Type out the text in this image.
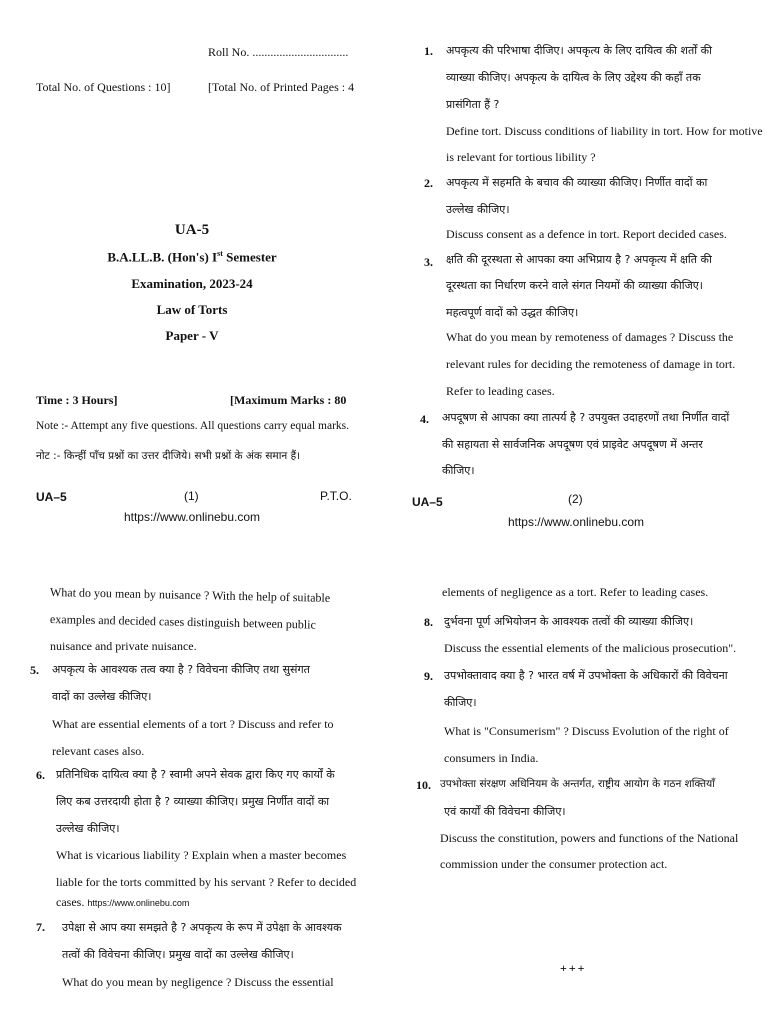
Roll No. ................................
Total No. of Questions : 10]	[Total No. of Printed Pages : 4
UA-5
B.A.LL.B. (Hon's) Ist Semester
Examination, 2023-24
Law of Torts
Paper - V
Time : 3 Hours]	[Maximum Marks : 80
Note :- Attempt any five questions. All questions carry equal marks.
नोट :- किन्हीं पाँच प्रश्नों का उत्तर दीजिये। सभी प्रश्नों के अंक समान हैं।
UA–5	(1)	P.T.O.
https://www.onlinebu.com
1. अपकृत्य की परिभाषा दीजिए। अपकृत्य के लिए दायित्व की शर्तों की
व्याख्या कीजिए। अपकृत्य के दायित्व के लिए उद्देश्य की कहाँ तक
प्रासंगिता हैं ?
Define tort. Discuss conditions of liability in tort. How for motive
is relevant for tortious libility ?
2. अपकृत्य में सहमति के बचाव की व्याख्या कीजिए। निर्णीत वादों का
उल्लेख कीजिए।
Discuss consent as a defence in tort. Report decided cases.
3. क्षति की दूरस्थता से आपका क्या अभिप्राय है ? अपकृत्य में क्षति की
दूरस्थता का निर्धारण करने वाले संगत नियमों की व्याख्या कीजिए।
महत्वपूर्ण वादों को उद्धत कीजिए।
What do you mean by remoteness of damages ? Discuss the
relevant rules for deciding the remoteness of damage in tort.
Refer to leading cases.
4. अपदूषण से आपका क्या तात्पर्य है ? उपयुक्त उदाहरणों तथा निर्णीत वादों
की सहायता से सार्वजनिक अपदूषण एवं प्राइवेट अपदूषण में अन्तर
कीजिए।
UA–5	(2)
https://www.onlinebu.com
What do you mean by nuisance ? With the help of suitable
examples and decided cases distinguish between public
nuisance and private nuisance.
5. अपकृत्य के आवश्यक तत्व क्या है ? विवेचना कीजिए तथा सुसंगत
वादों का उल्लेख कीजिए।
What are essential elements of a tort ? Discuss and refer to
relevant cases also.
6. प्रतिनिधिक दायित्व क्या है ? स्वामी अपने सेवक द्वारा किए गए कार्यों के
लिए कब उत्तरदायी होता है ? व्याख्या कीजिए। प्रमुख निर्णीत वादों का
उल्लेख कीजिए।
What is vicarious liability ? Explain when a master becomes
liable for the torts committed by his servant ? Refer to decided
cases. https://www.onlinebu.com
7. उपेक्षा से आप क्या समझते है ? अपकृत्य के रूप में उपेक्षा के आवश्यक
तत्वों की विवेचना कीजिए। प्रमुख वादों का उल्लेख कीजिए।
What do you mean by negligence ? Discuss the essential
elements of negligence as a tort. Refer to leading cases.
8. दुर्भवना पूर्ण अभियोजन के आवश्यक तत्वों की व्याख्या कीजिए।
Discuss the essential elements of the malicious prosecution".
9. उपभोक्तावाद क्या है ? भारत वर्ष में उपभोक्ता के अधिकारों की विवेचना
कीजिए।
What is "Consumerism" ? Discuss Evolution of the right of
consumers in India.
10. उपभोक्ता संरक्षण अधिनियम के अन्तर्गत, राष्ट्रीय आयोग के गठन शक्तियाँ
एवं कार्यों की विवेचना कीजिए।
Discuss the constitution, powers and functions of the National
commission under the consumer protection act.
+++
